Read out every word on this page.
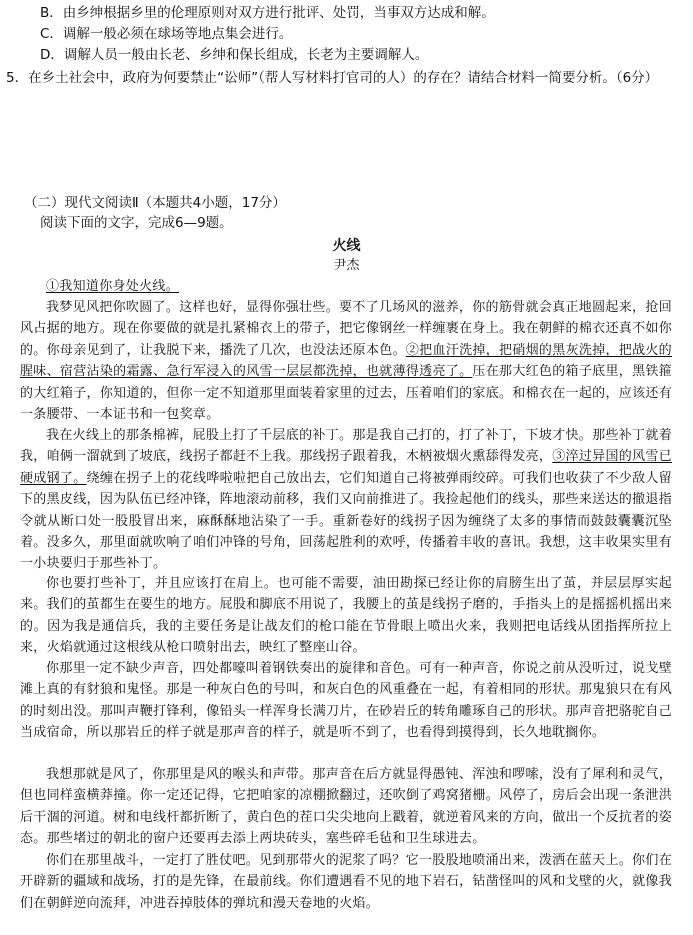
B．由乡绅根据乡里的伦理原则对双方进行批评、处罚，当事双方达成和解。
C．调解一般必须在球场等地点集会进行。
D．调解人员一般由长老、乡绅和保长组成，长老为主要调解人。
5．在乡土社会中，政府为何要禁止“讼师”（帮人写材料打官司的人）的存在？请结合材料一简要分析。（6分）
（二）现代文阅读Ⅱ（本题共4小题，17分）
阅读下面的文字，完成6—9题。
火线
尹杰
①我知道你身处火线。
我梦见风把你吹圆了。这样也好，显得你强壮些。要不了几场风的滋养，你的筋骨就会真正地圆起来，抢回风占据的地方。现在你要做的就是扎紧棉衣上的带子，把它像钢丝一样缠裹在身上。我在朝鲜的棉衣还真不如你的。你母亲见到了，让我脱下来，播洗了几次，也没法还原本色。②把血汗洗掉，把硝烟的黑灰洗掉，把战火的腥味、宿营沾染的霜露、急行军浸入的风雪一层层都洗掉，也就薄得透亮了。压在那大红色的箱子底里，黑铁箍的大红箱子，你知道的，但你一定不知道那里面装着家里的过去，压着咱们的家底。和棉衣在一起的，应该还有一条腰带、一本证书和一包奖章。
我在火线上的那条棉裤，屁股上打了千层底的补丁。那是我自己打的，打了补丁，下坡才快。那些补丁就着我，咱俩一溜就到了坡底，线拐子都赶不上我。那线拐子跟着我，木柄被烟火熏舔得发亮，③淬过异国的风雪已硬成钢了。绕缠在拐子上的花线哗啦啦把自己放出去，它们知道自己将被弹雨绞碎。可我们也收获了不少敌人留下的黑皮线，因为队伍已经冲锋，阵地滚动前移，我们又向前推进了。我捡起他们的线头，那些来送达的撤退指令就从断口处一股股冒出来，麻酥酥地沾染了一手。重新卷好的线拐子因为缠绕了太多的事情而鼓鼓囊囊沉坠着。没多久，那里面就吹响了咱们冲锋的号角，回荡起胜利的欢呼，传播着丰收的喜讯。我想，这丰收果实里有一小块要归于那些补丁。
你也要打些补丁，并且应该打在肩上。也可能不需要，油田勘探已经让你的肩膀生出了茧，并层层厚实起来。我们的茧都生在要生的地方。屁股和脚底不用说了，我腰上的茧是线拐子磨的，手指头上的是摇摇机摇出来的。因为我是通信兵，我的主要任务是让战友们的枪口能在节骨眼上喷出火来，我则把电话线从团指挥所拉上来，火焰就通过这根线从枪口喷射出去，映红了整座山谷。
你那里一定不缺少声音，四处都嚎叫着钢铁奏出的旋律和音色。可有一种声音，你说之前从没听过，说戈壁滩上真的有豺狼和鬼怪。那是一种灰白色的号叫，和灰白色的风重叠在一起，有着相同的形状。那鬼狼只在有风的时刻出没。那叫声鞭打锋利，像铅头一样浑身长满刀片，在砂岩丘的转角雕琢自己的形状。那声音把骆驼自己当成宿命，所以那岩丘的样子就是那声音的样子，就是听不到了，也看得到摸得到，长久地耽搁你。
我想那就是风了，你那里是风的喉头和声带。那声音在后方就显得愚钝、浑浊和啰嗦，没有了犀利和灵气，但也同样蛮横莽撞。你一定还记得，它把咱家的凉棚掀翻过，还吹倒了鸡窝猪栅。风停了，房后会出现一条泄洪后干涸的河道。树和电线杆都折断了，黄白色的茬口尖尖地向上戳着，就逆着风来的方向，做出一个反抗者的姿态。那些堵过的朝北的窗户还要再去添上两块砖头，塞些碎毛毡和卫生球进去。
你们在那里战斗，一定打了胜仗吧。见到那带火的泥浆了吗？它一股股地喷涌出来，泼洒在蓝天上。你们在开辟新的疆域和战场，打的是先锋，在最前线。你们遭遇看不见的地下岩石，钻凿怪叫的风和戈壁的火，就像我们在朝鲜逆向流拜，冲进吞掉肢体的弹坑和漫天卷地的火焰。
